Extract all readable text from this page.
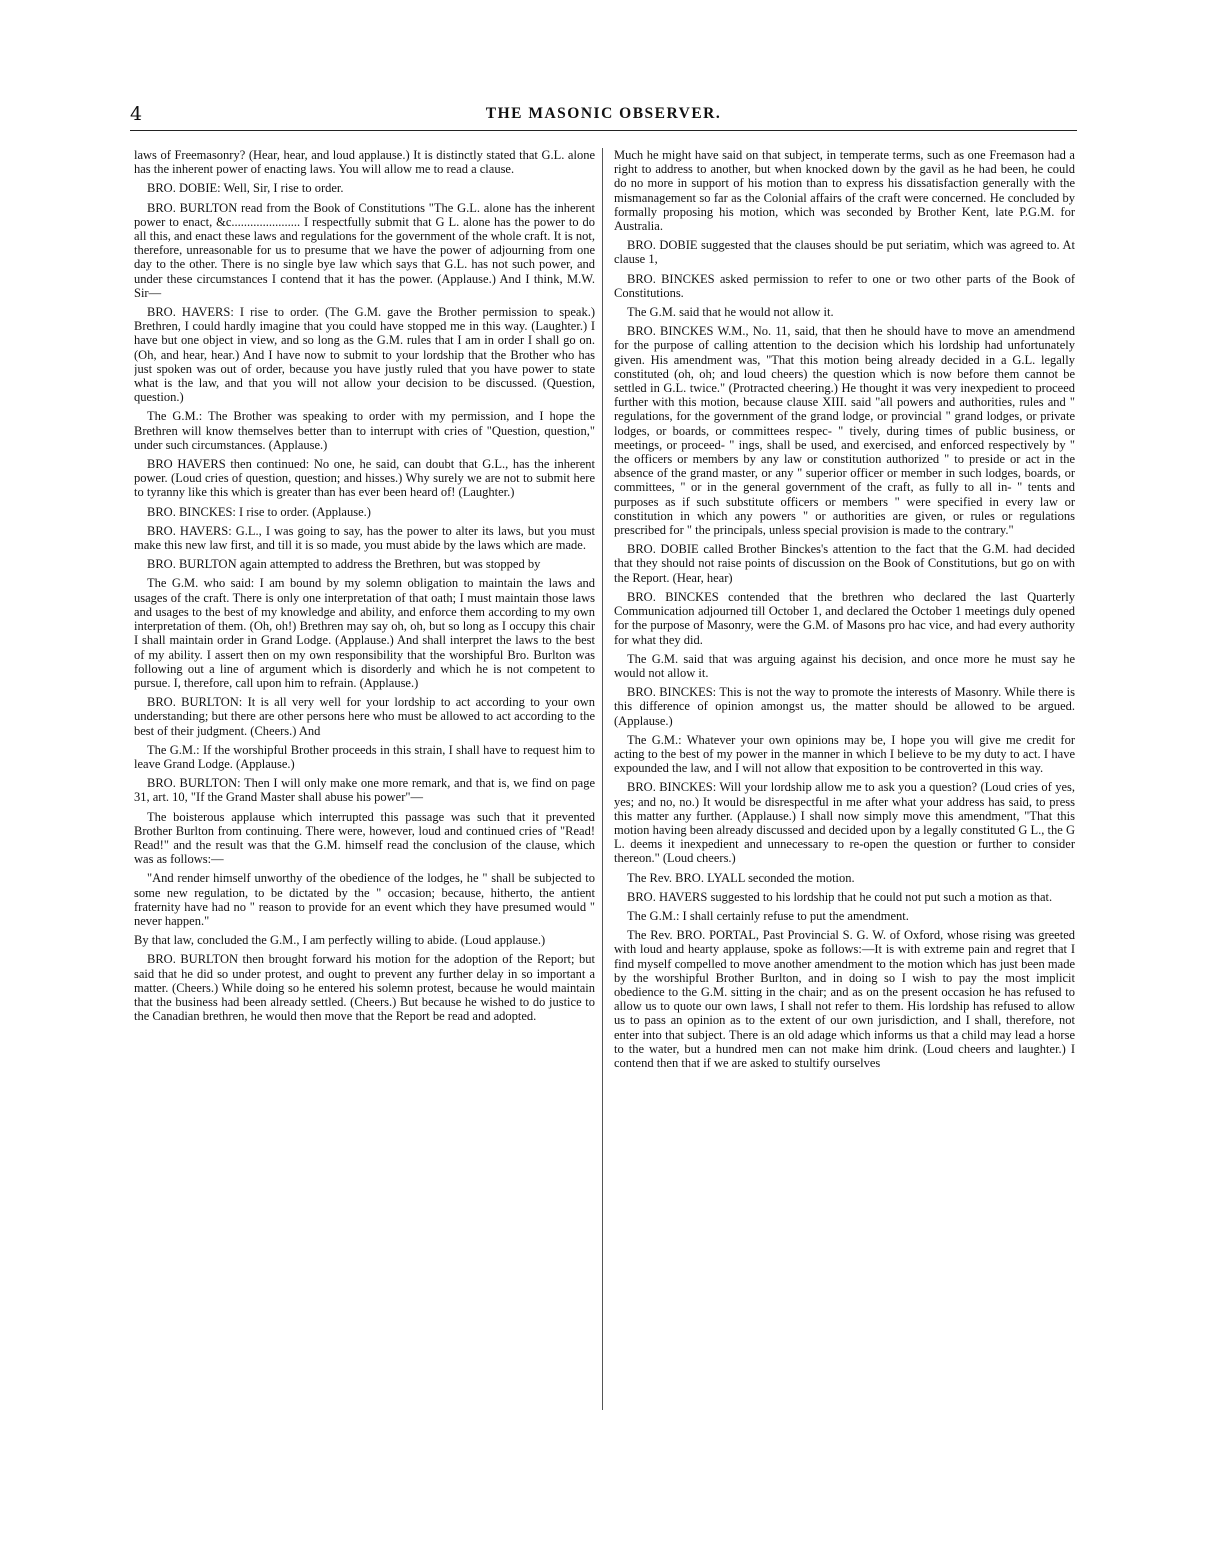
4	THE MASONIC OBSERVER.

laws of Freemasonry? (Hear, hear, and loud applause.) It is distinctly stated that G.L. alone has the inherent power of enacting laws. You will allow me to read a clause.

BRO. DOBIE: Well, Sir, I rise to order.

BRO. BURLTON read from the Book of Constitutions "The G.L. alone has the inherent power to enact, &c...................... I respectfully submit that G L. alone has the power to do all this, and enact these laws and regulations for the government of the whole craft. It is not, therefore, unreasonable for us to presume that we have the power of adjourning from one day to the other. There is no single bye law which says that G.L. has not such power, and under these circumstances I contend that it has the power. (Applause.) And I think, M.W. Sir—

BRO. HAVERS: I rise to order. (The G.M. gave the Brother permission to speak.) Brethren, I could hardly imagine that you could have stopped me in this way. (Laughter.) I have but one object in view, and so long as the G.M. rules that I am in order I shall go on. (Oh, and hear, hear.) And I have now to submit to your lordship that the Brother who has just spoken was out of order, because you have justly ruled that you have power to state what is the law, and that you will not allow your decision to be discussed. (Question, question.)

The G.M.: The Brother was speaking to order with my permission, and I hope the Brethren will know themselves better than to interrupt with cries of "Question, question," under such circumstances. (Applause.)

BRO HAVERS then continued: No one, he said, can doubt that G.L., has the inherent power. (Loud cries of question, question; and hisses.) Why surely we are not to submit here to tyranny like this which is greater than has ever been heard of! (Laughter.)

BRO. BINCKES: I rise to order. (Applause.)

BRO. HAVERS: G.L., I was going to say, has the power to alter its laws, but you must make this new law first, and till it is so made, you must abide by the laws which are made.

BRO. BURLTON again attempted to address the Brethren, but was stopped by

The G.M. who said: I am bound by my solemn obligation to maintain the laws and usages of the craft. There is only one interpretation of that oath; I must maintain those laws and usages to the best of my knowledge and ability, and enforce them according to my own interpretation of them. (Oh, oh!) Brethren may say oh, oh, but so long as I occupy this chair I shall maintain order in Grand Lodge. (Applause.) And shall interpret the laws to the best of my ability. I assert then on my own responsibility that the worshipful Bro. Burlton was following out a line of argument which is disorderly and which he is not competent to pursue. I, therefore, call upon him to refrain. (Applause.)

BRO. BURLTON: It is all very well for your lordship to act according to your own understanding; but there are other persons here who must be allowed to act according to the best of their judgment. (Cheers.) And

The G.M.: If the worshipful Brother proceeds in this strain, I shall have to request him to leave Grand Lodge. (Applause.)

BRO. BURLTON: Then I will only make one more remark, and that is, we find on page 31, art. 10, "If the Grand Master shall abuse his power"—

The boisterous applause which interrupted this passage was such that it prevented Brother Burlton from continuing. There were, however, loud and continued cries of "Read! Read!" and the result was that the G.M. himself read the conclusion of the clause, which was as follows:—

"And render himself unworthy of the obedience of the lodges, he " shall be subjected to some new regulation, to be dictated by the " occasion; because, hitherto, the antient fraternity have had no " reason to provide for an event which they have presumed would " never happen."

By that law, concluded the G.M., I am perfectly willing to abide. (Loud applause.)

BRO. BURLTON then brought forward his motion for the adoption of the Report; but said that he did so under protest, and ought to prevent any further delay in so important a matter. (Cheers.) While doing so he entered his solemn protest, because he would maintain that the business had been already settled. (Cheers.) But because he wished to do justice to the Canadian brethren, he would then move that the Report be read and adopted.

Much he might have said on that subject, in temperate terms, such as one Freemason had a right to address to another, but when knocked down by the gavil as he had been, he could do no more in support of his motion than to express his dissatisfaction generally with the mismanagement so far as the Colonial affairs of the craft were concerned. He concluded by formally proposing his motion, which was seconded by Brother Kent, late P.G.M. for Australia.

BRO. DOBIE suggested that the clauses should be put seriatim, which was agreed to. At clause 1,

BRO. BINCKES asked permission to refer to one or two other parts of the Book of Constitutions.

The G.M. said that he would not allow it.

BRO. BINCKES W.M., No. 11, said, that then he should have to move an amendmend for the purpose of calling attention to the decision which his lordship had unfortunately given. His amendment was, "That this motion being already decided in a G.L. legally constituted (oh, oh; and loud cheers) the question which is now before them cannot be settled in G.L. twice." (Protracted cheering.) He thought it was very inexpedient to proceed further with this motion, because clause XIII. said "all powers and authorities, rules and " regulations, for the government of the grand lodge, or provincial " grand lodges, or private lodges, or boards, or committees respec- " tively, during times of public business, or meetings, or proceed- " ings, shall be used, and exercised, and enforced respectively by " the officers or members by any law or constitution authorized " to preside or act in the absence of the grand master, or any " superior officer or member in such lodges, boards, or committees, " or in the general government of the craft, as fully to all in- " tents and purposes as if such substitute officers or members " were specified in every law or constitution in which any powers " or authorities are given, or rules or regulations prescribed for " the principals, unless special provision is made to the contrary."

BRO. DOBIE called Brother Binckes's attention to the fact that the G.M. had decided that they should not raise points of discussion on the Book of Constitutions, but go on with the Report. (Hear, hear)

BRO. BINCKES contended that the brethren who declared the last Quarterly Communication adjourned till October 1, and declared the October 1 meetings duly opened for the purpose of Masonry, were the G.M. of Masons pro hac vice, and had every authority for what they did.

The G.M. said that was arguing against his decision, and once more he must say he would not allow it.

BRO. BINCKES: This is not the way to promote the interests of Masonry. While there is this difference of opinion amongst us, the matter should be allowed to be argued. (Applause.)

The G.M.: Whatever your own opinions may be, I hope you will give me credit for acting to the best of my power in the manner in which I believe to be my duty to act. I have expounded the law, and I will not allow that exposition to be controverted in this way.

BRO. BINCKES: Will your lordship allow me to ask you a question? (Loud cries of yes, yes; and no, no.) It would be disrespectful in me after what your address has said, to press this matter any further. (Applause.) I shall now simply move this amendment, "That this motion having been already discussed and decided upon by a legally constituted G L., the G L. deems it inexpedient and unnecessary to re-open the question or further to consider thereon." (Loud cheers.)

The Rev. BRO. LYALL seconded the motion.

BRO. HAVERS suggested to his lordship that he could not put such a motion as that.

The G.M.: I shall certainly refuse to put the amendment.

The Rev. BRO. PORTAL, Past Provincial S. G. W. of Oxford, whose rising was greeted with loud and hearty applause, spoke as follows:—It is with extreme pain and regret that I find myself compelled to move another amendment to the motion which has just been made by the worshipful Brother Burlton, and in doing so I wish to pay the most implicit obedience to the G.M. sitting in the chair; and as on the present occasion he has refused to allow us to quote our own laws, I shall not refer to them. His lordship has refused to allow us to pass an opinion as to the extent of our own jurisdiction, and I shall, therefore, not enter into that subject. There is an old adage which informs us that a child may lead a horse to the water, but a hundred men can not make him drink. (Loud cheers and laughter.) I contend then that if we are asked to stultify ourselves
